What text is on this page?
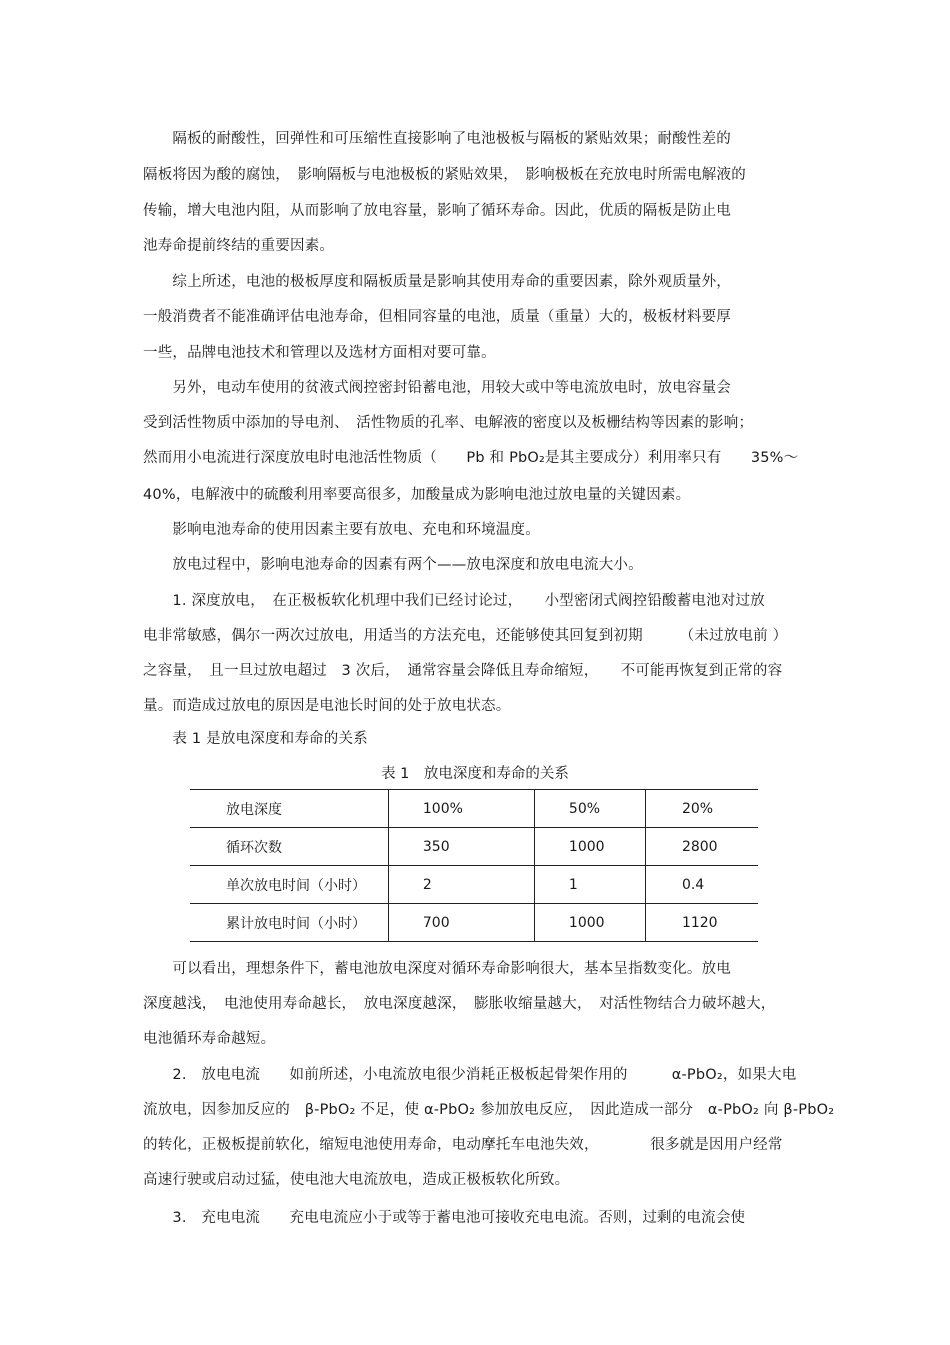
　　隔板的耐酸性，回弹性和可压缩性直接影响了电池极板与隔板的紧贴效果；耐酸性差的
隔板将因为酸的腐蚀，　影响隔板与电池极板的紧贴效果，　影响极板在充放电时所需电解液的
传输，增大电池内阻，从而影响了放电容量，影响了循环寿命。因此，优质的隔板是防止电
池寿命提前终结的重要因素。
　　综上所述，电池的极板厚度和隔板质量是影响其使用寿命的重要因素，除外观质量外，
一般消费者不能准确评估电池寿命，但相同容量的电池，质量（重量）大的，极板材料要厚
一些，品牌电池技术和管理以及选材方面相对要可靠。
　　另外，电动车使用的贫液式阀控密封铅蓄电池，用较大或中等电流放电时，放电容量会
受到活性物质中添加的导电剂、　活性物质的孔率、电解液的密度以及板栅结构等因素的影响；
然而用小电流进行深度放电时电池活性物质（　　Pb 和 PbO₂是其主要成分）利用率只有　　35%～
40%，电解液中的硫酸利用率要高很多，加酸量成为影响电池过放电量的关键因素。
　　影响电池寿命的使用因素主要有放电、充电和环境温度。
　　放电过程中，影响电池寿命的因素有两个——放电深度和放电电流大小。
　　1. 深度放电，　在正极板软化机理中我们已经讨论过，　　小型密闭式阀控铅酸蓄电池对过放
电非常敏感，偶尔一两次过放电，用适当的方法充电，还能够使其回复到初期　　　（未过放电前 ）
之容量，　且一旦过放电超过　3 次后，　通常容量会降低且寿命缩短，　　不可能再恢复到正常的容
量。而造成过放电的原因是电池长时间的处于放电状态。
　　表 1 是放电深度和寿命的关系
表 1　放电深度和寿命的关系
放电深度	100%	50%	20%
循环次数	350	1000	2800
单次放电时间（小时）	2	1	0.4
累计放电时间（小时）	700	1000	1120
　　可以看出，理想条件下，蓄电池放电深度对循环寿命影响很大，基本呈指数变化。放电
深度越浅，　电池使用寿命越长，　放电深度越深，　膨胀收缩量越大，　对活性物结合力破坏越大，
电池循环寿命越短。
　　2.　放电电流　　如前所述，小电流放电很少消耗正极板起骨架作用的　　　α-PbO₂，如果大电
流放电，因参加反应的　β-PbO₂ 不足，使 α-PbO₂ 参加放电反应，　因此造成一部分　α-PbO₂ 向 β-PbO₂
的转化，正极板提前软化，缩短电池使用寿命，电动摩托车电池失效，　　　　很多就是因用户经常
高速行驶或启动过猛，使电池大电流放电，造成正极板软化所致。
　　3.　充电电流　　充电电流应小于或等于蓄电池可接收充电电流。否则，过剩的电流会使
